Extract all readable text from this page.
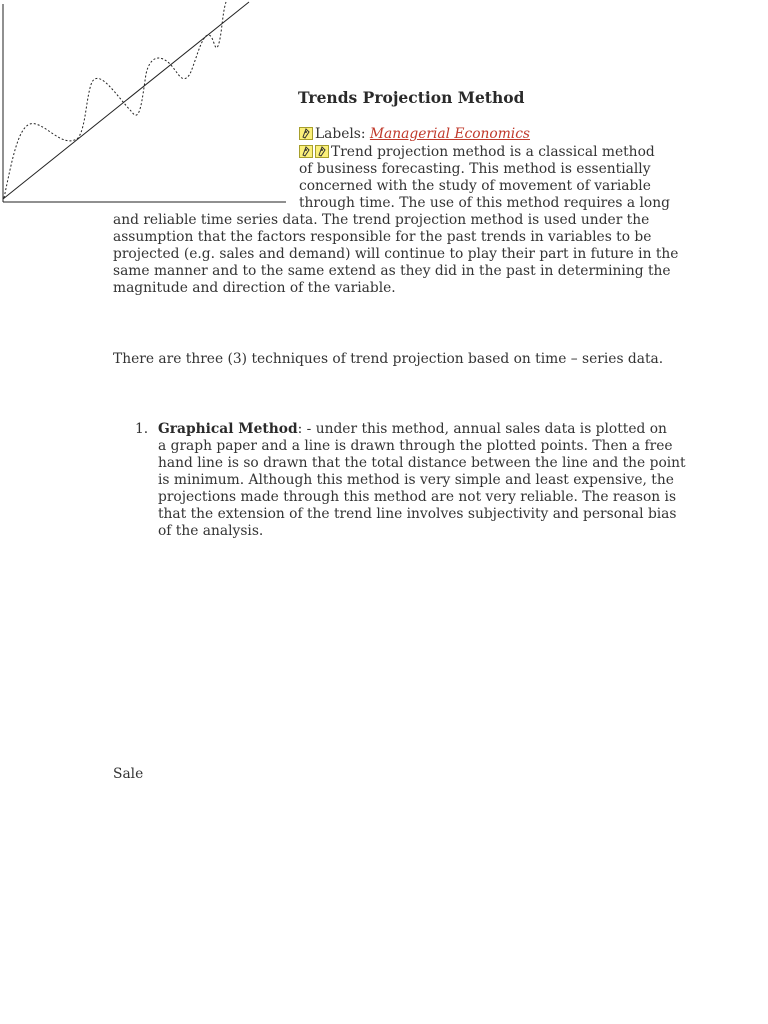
Trends Projection Method
Labels: Managerial Economics
Trend projection method is a classical method
of business forecasting. This method is essentially
concerned with the study of movement of variable
through time. The use of this method requires a long
and reliable time series data. The trend projection method is used under the
assumption that the factors responsible for the past trends in variables to be
projected (e.g. sales and demand) will continue to play their part in future in the
same manner and to the same extend as they did in the past in determining the
magnitude and direction of the variable.
There are three (3) techniques of trend projection based on time – series data.
1. Graphical Method: - under this method, annual sales data is plotted on
a graph paper and a line is drawn through the plotted points. Then a free
hand line is so drawn that the total distance between the line and the point
is minimum. Although this method is very simple and least expensive, the
projections made through this method are not very reliable. The reason is
that the extension of the trend line involves subjectivity and personal bias
of the analysis.
Sale
